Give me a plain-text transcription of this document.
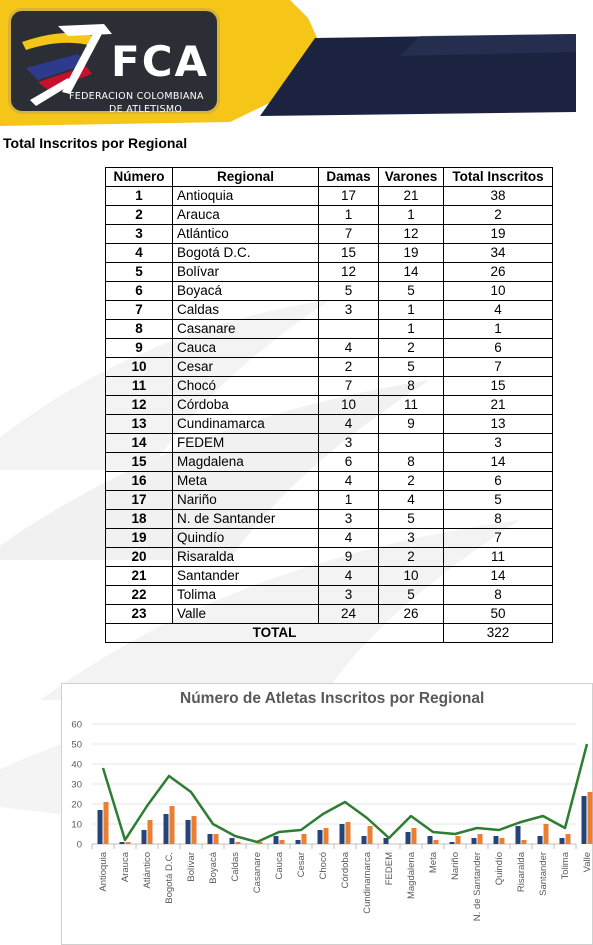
FCA
FEDERACION COLOMBIANA
DE ATLETISMO
Total Inscritos por Regional
Número	Regional	Damas	Varones	Total Inscritos
1	Antioquia	17	21	38
2	Arauca	1	1	2
3	Atlántico	7	12	19
4	Bogotá D.C.	15	19	34
5	Bolívar	12	14	26
6	Boyacá	5	5	10
7	Caldas	3	1	4
8	Casanare		1	1
9	Cauca	4	2	6
10	Cesar	2	5	7
11	Chocó	7	8	15
12	Córdoba	10	11	21
13	Cundinamarca	4	9	13
14	FEDEM	3		3
15	Magdalena	6	8	14
16	Meta	4	2	6
17	Nariño	1	4	5
18	N. de Santander	3	5	8
19	Quindío	4	3	7
20	Risaralda	9	2	11
21	Santander	4	10	14
22	Tolima	3	5	8
23	Valle	24	26	50
TOTAL				322
Número de Atletas Inscritos por Regional
0
10
20
30
40
50
60
Antioquia Arauca Atlántico Bogotá D.C. Bolívar Boyacá Caldas Casanare Cauca Cesar Chocó Córdoba Cundinamarca FEDEM Magdalena Meta Nariño N. de Santander Quindío Risaralda Santander Tolima Valle
